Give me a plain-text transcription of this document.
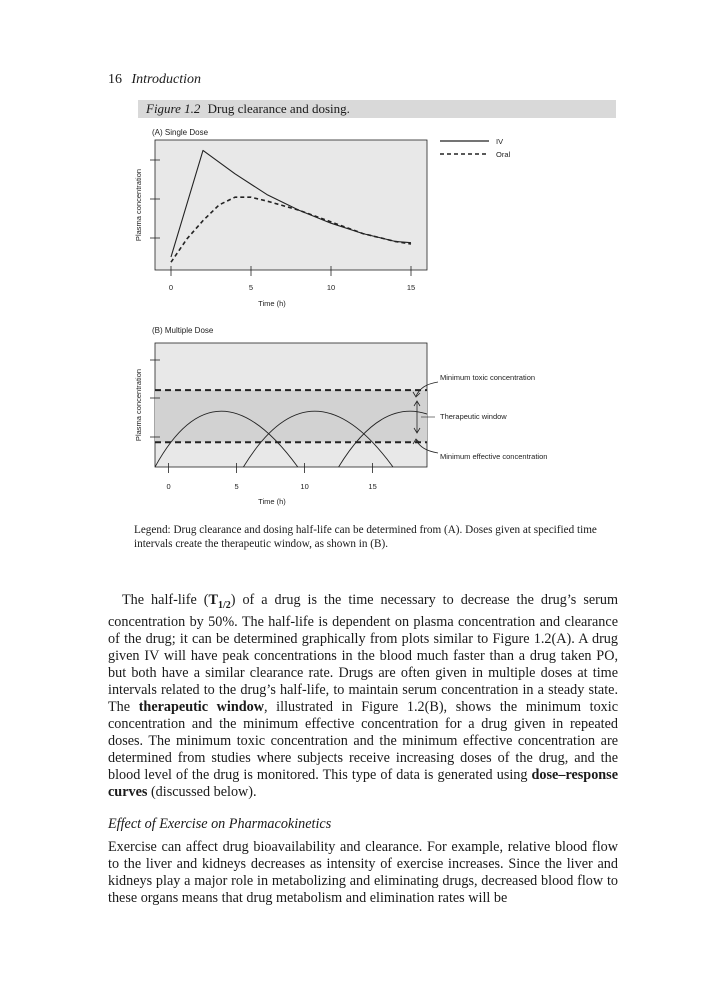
16 Introduction
Figure 1.2 Drug clearance and dosing.
(A) Single Dose
Plasma concentration
0	5	10	15
Time (h)
IV
Oral
(B) Multiple Dose
Plasma concentration
0	5	10	15
Time (h)
Minimum toxic concentration
Therapeutic window
Minimum effective concentration
Legend: Drug clearance and dosing half-life can be determined from (A). Doses given at specified time intervals create the therapeutic window, as shown in (B).

The half-life $(T_{1/2})$ of a drug is the time necessary to decrease the drug’s serum concentration by 50%. The half-life is dependent on plasma concentration and clearance of the drug; it can be determined graphically from plots similar to Figure 1.2(A). A drug given IV will have peak concentrations in the blood much faster than a drug taken PO, but both have a similar clearance rate. Drugs are often given in multiple doses at time intervals related to the drug’s half-life, to maintain serum concentration in a steady state. The therapeutic window, illustrated in Figure 1.2(B), shows the minimum toxic concentration and the minimum effective concentration for a drug given in repeated doses. The minimum toxic concentration and the minimum effective concentration are determined from studies where subjects receive increasing doses of the drug, and the blood level of the drug is monitored. This type of data is generated using dose–response curves (discussed below).

Effect of Exercise on Pharmacokinetics

Exercise can affect drug bioavailability and clearance. For example, relative blood flow to the liver and kidneys decreases as intensity of exercise increases. Since the liver and kidneys play a major role in metabolizing and eliminating drugs, decreased blood flow to these organs means that drug metabolism and elimination rates will be
